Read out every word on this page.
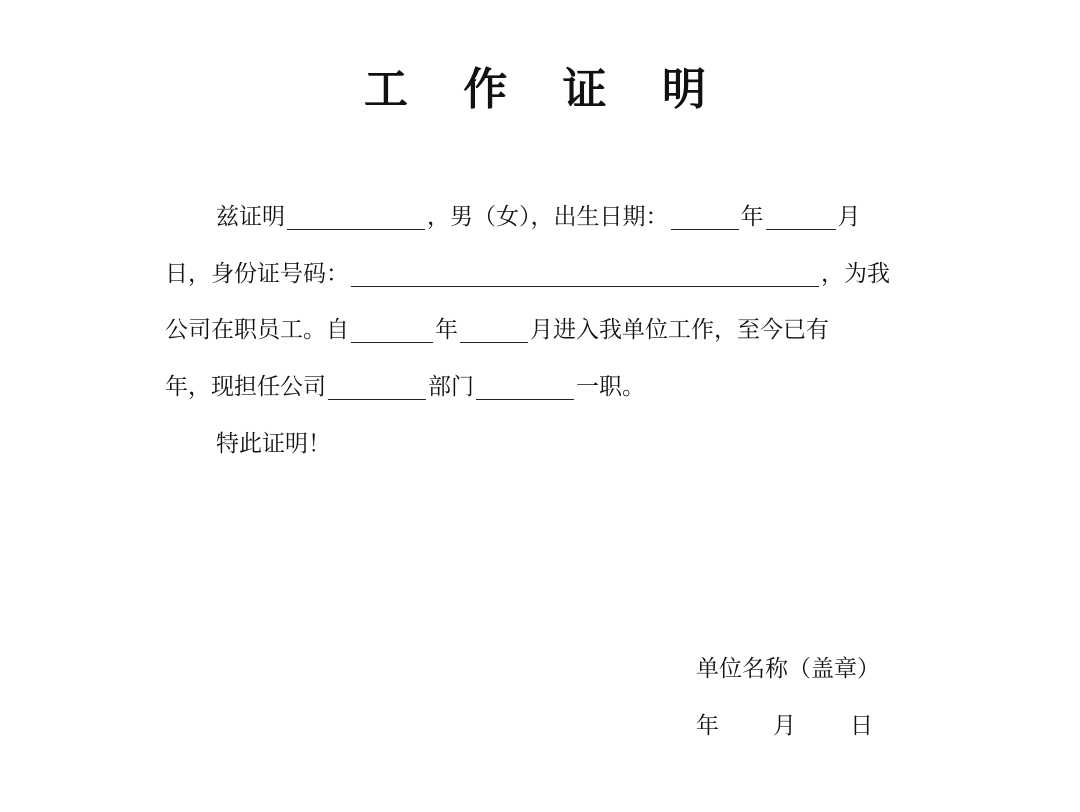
工 作 证 明
兹证明	，男（女），出生日期：	年	月
日，身份证号码：	，为我
公司在职员工。自	年	月进入我单位工作，至今已有
年，现担任公司	部门	一职。
特此证明！
单位名称（盖章）
年 月 日
